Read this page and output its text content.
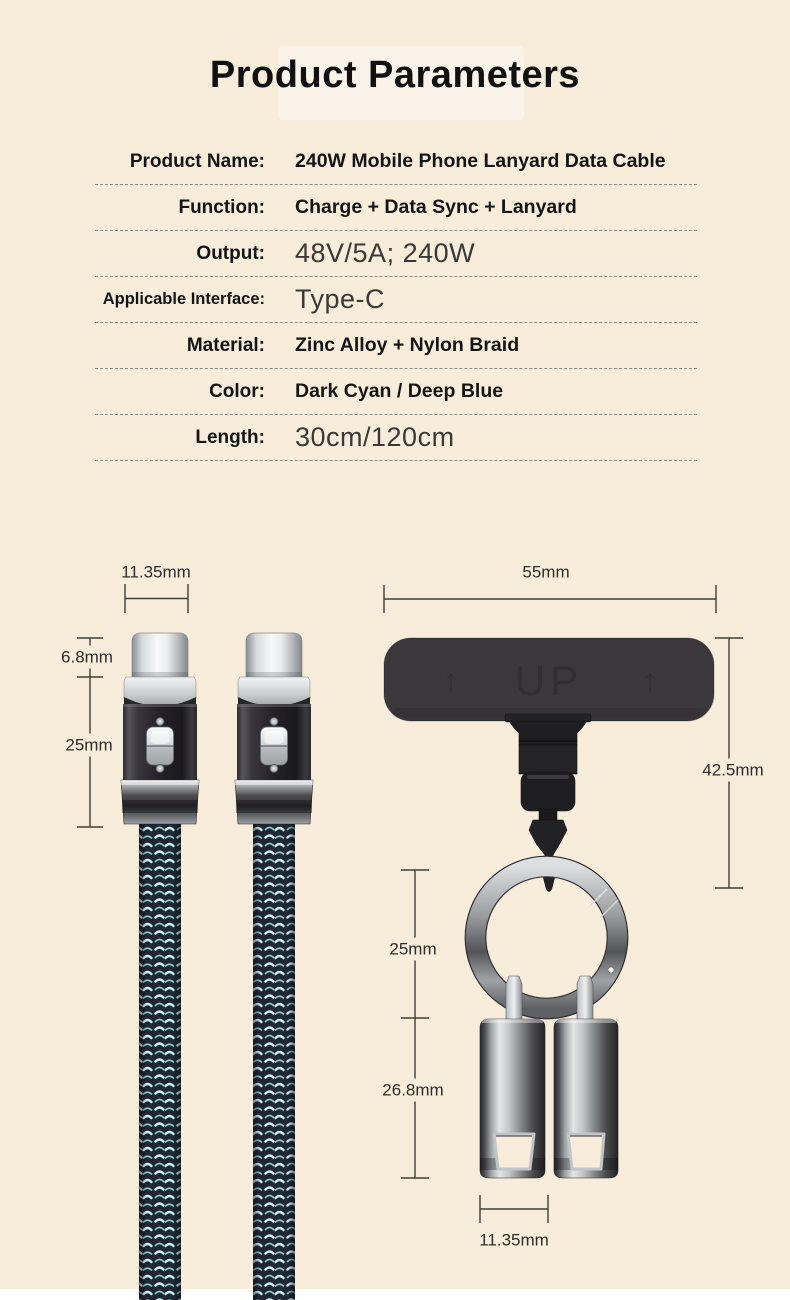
Product Parameters
Product Name: 240W Mobile Phone Lanyard Data Cable
Function: Charge + Data Sync + Lanyard
Output: 48V/5A; 240W
Applicable Interface: Type-C
Material: Zinc Alloy + Nylon Braid
Color: Dark Cyan / Deep Blue
Length: 30cm/120cm
11.35mm
6.8mm
25mm
55mm
42.5mm
25mm
26.8mm
11.35mm
UP
↑	↑
